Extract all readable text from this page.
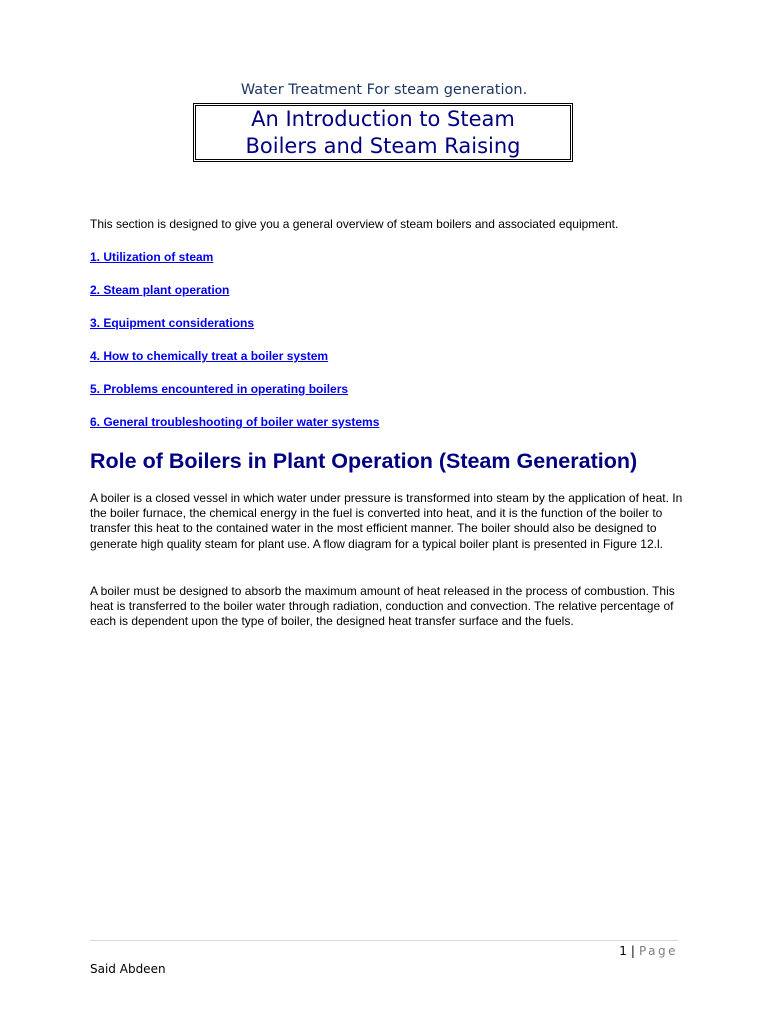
Water Treatment For steam generation.
An Introduction to Steam
Boilers and Steam Raising

This section is designed to give you a general overview of steam boilers and associated equipment.

1. Utilization of steam
2. Steam plant operation
3. Equipment considerations
4. How to chemically treat a boiler system
5. Problems encountered in operating boilers
6. General troubleshooting of boiler water systems
Role of Boilers in Plant Operation (Steam Generation)

A boiler is a closed vessel in which water under pressure is transformed into steam by the application of heat. In the boiler furnace, the chemical energy in the fuel is converted into heat, and it is the function of the boiler to transfer this heat to the contained water in the most efficient manner. The boiler should also be designed to generate high quality steam for plant use. A flow diagram for a typical boiler plant is presented in Figure 12.l.

A boiler must be designed to absorb the maximum amount of heat released in the process of combustion. This heat is transferred to the boiler water through radiation, conduction and convection. The relative percentage of each is dependent upon the type of boiler, the designed heat transfer surface and the fuels.

1 | Page
Said Abdeen
